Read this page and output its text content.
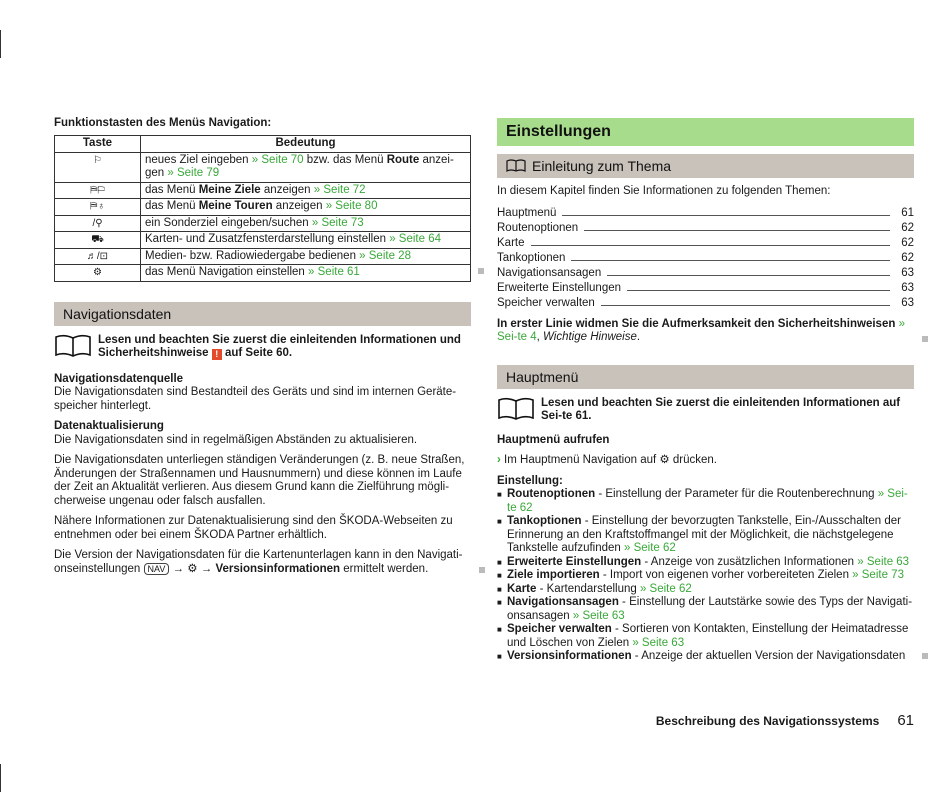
Funktionstasten des Menüs Navigation:
Taste	Bedeutung
⚐	neues Ziel eingeben » Seite 70 bzw. das Menü Route anzei-gen » Seite 79
⛿⚐	das Menü Meine Ziele anzeigen » Seite 72
⛿♁	das Menü Meine Touren anzeigen » Seite 80
/⚲	ein Sonderziel eingeben/suchen » Seite 73
⛟	Karten- und Zusatzfensterdarstellung einstellen » Seite 64
♬/⊡	Medien- bzw. Radiowiedergabe bedienen » Seite 28
⚙	das Menü Navigation einstellen » Seite 61
Navigationsdaten
Lesen und beachten Sie zuerst die einleitenden Informationen und Sicherheitshinweise ! auf Seite 60.
Navigationsdatenquelle

Die Navigationsdaten sind Bestandteil des Geräts und sind im internen Geräte-speicher hinterlegt.

Datenaktualisierung

Die Navigationsdaten sind in regelmäßigen Abständen zu aktualisieren.

Die Navigationsdaten unterliegen ständigen Veränderungen (z. B. neue Straßen, Änderungen der Straßennamen und Hausnummern) und diese können im Laufe der Zeit an Aktualität verlieren. Aus diesem Grund kann die Zielführung mögli-cherweise ungenau oder falsch ausfallen.

Nähere Informationen zur Datenaktualisierung sind den ŠKODA-Webseiten zu entnehmen oder bei einem ŠKODA Partner erhältlich.

Die Version der Navigationsdaten für die Kartenunterlagen kann in den Navigati-onseinstellungen NAV → ⚙ → Versionsinformationen ermittelt werden.

Einstellungen
Einleitung zum Thema

In diesem Kapitel finden Sie Informationen zu folgenden Themen:

Hauptmenü	61
Routenoptionen	62
Karte	62
Tankoptionen	62
Navigationsansagen	63
Erweiterte Einstellungen	63
Speicher verwalten	63

In erster Linie widmen Sie die Aufmerksamkeit den Sicherheitshinweisen » Sei-te 4, Wichtige Hinweise.

Hauptmenü
Lesen und beachten Sie zuerst die einleitenden Informationen auf Sei-te 61.
Hauptmenü aufrufen

› Im Hauptmenü Navigation auf ⚙ drücken.

Einstellung:
■ Routenoptionen - Einstellung der Parameter für die Routenberechnung » Sei-te 62
■ Tankoptionen - Einstellung der bevorzugten Tankstelle, Ein-/Ausschalten der Erinnerung an den Kraftstoffmangel mit der Möglichkeit, die nächstgelegene Tankstelle aufzufinden » Seite 62
■ Erweiterte Einstellungen - Anzeige von zusätzlichen Informationen » Seite 63
■ Ziele importieren - Import von eigenen vorher vorbereiteten Zielen » Seite 73
■ Karte - Kartendarstellung » Seite 62
■ Navigationsansagen - Einstellung der Lautstärke sowie des Typs der Navigati-onsansagen » Seite 63
■ Speicher verwalten - Sortieren von Kontakten, Einstellung der Heimatadresse und Löschen von Zielen » Seite 63
■ Versionsinformationen - Anzeige der aktuellen Version der Navigationsdaten
Beschreibung des Navigationssystems 61
